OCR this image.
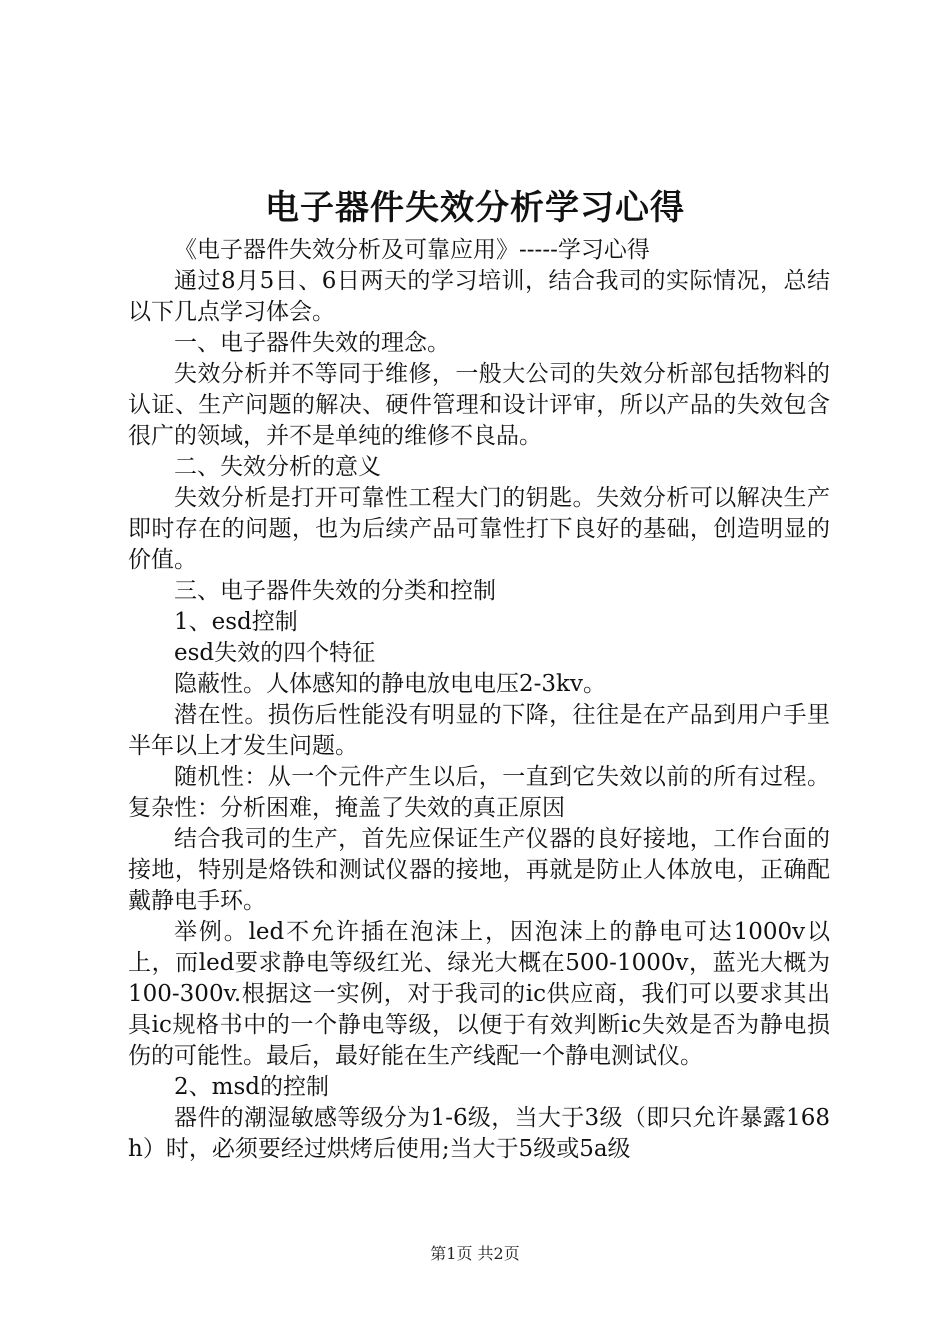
电子器件失效分析学习心得

《电子器件失效分析及可靠应用》-----学习心得

通过8月5日、6日两天的学习培训，结合我司的实际情况，总结以下几点学习体会。

一、电子器件失效的理念。

失效分析并不等同于维修，一般大公司的失效分析部包括物料的认证、生产问题的解决、硬件管理和设计评审，所以产品的失效包含很广的领域，并不是单纯的维修不良品。

二、失效分析的意义

失效分析是打开可靠性工程大门的钥匙。失效分析可以解决生产即时存在的问题，也为后续产品可靠性打下良好的基础，创造明显的价值。

三、电子器件失效的分类和控制

1、esd控制

esd失效的四个特征

隐蔽性。人体感知的静电放电电压2-3kv。

潜在性。损伤后性能没有明显的下降，往往是在产品到用户手里半年以上才发生问题。

随机性：从一个元件产生以后，一直到它失效以前的所有过程。复杂性：分析困难，掩盖了失效的真正原因

结合我司的生产，首先应保证生产仪器的良好接地，工作台面的接地，特别是烙铁和测试仪器的接地，再就是防止人体放电，正确配戴静电手环。

举例。led不允许插在泡沫上，因泡沫上的静电可达1000v以上，而led要求静电等级红光、绿光大概在500-1000v，蓝光大概为100-300v.根据这一实例，对于我司的ic供应商，我们可以要求其出具ic规格书中的一个静电等级，以便于有效判断ic失效是否为静电损伤的可能性。最后，最好能在生产线配一个静电测试仪。

2、msd的控制

器件的潮湿敏感等级分为1-6级，当大于3级（即只允许暴露168h）时，必须要经过烘烤后使用;当大于5级或5a级

第1页 共2页
